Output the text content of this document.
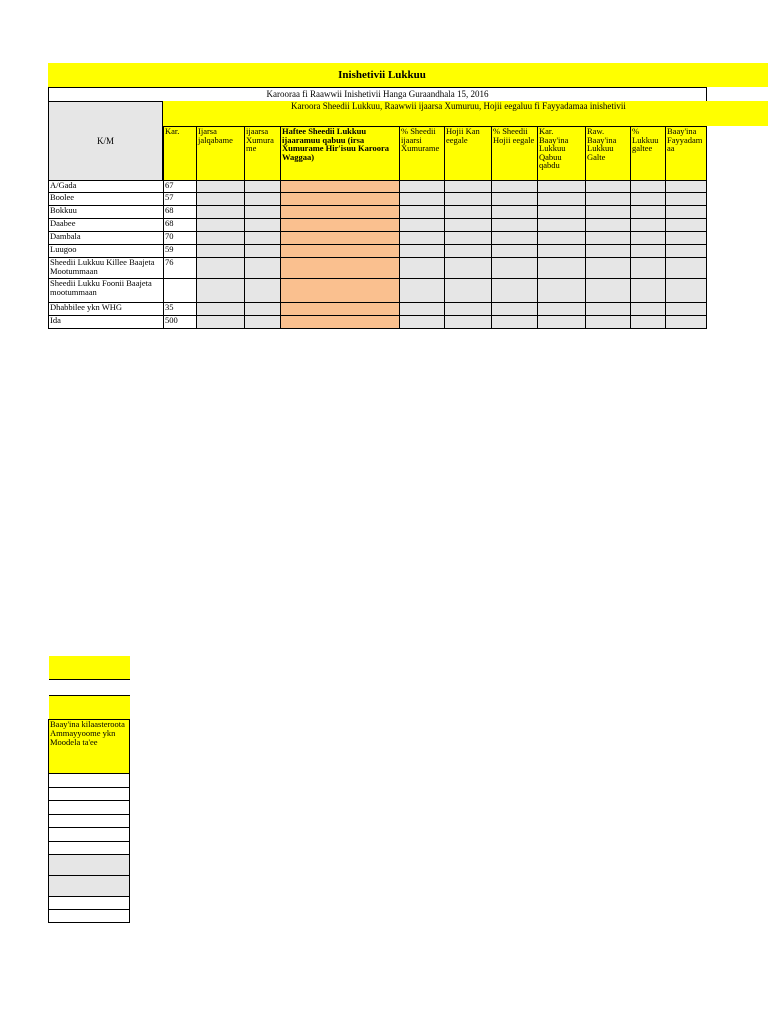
Inishetivii Lukkuu
Karooraa fi Raawwii Inishetivii Hanga Guraandhala 15, 2016
Karoora Sheedii Lukkuu, Raawwii ijaarsa Xumuruu, Hojii eegaluu fi Fayyadamaa inishetivii
K/M
	Kar.	Ijarsa jalqabame	ijaarsa Xumura me	Haftee Sheedii Lukkuu ijaaramuu qabuu (irsa Xumurame Hir'isuu Karoora Waggaa)	% Sheedii ijaarsi Xumurame	Hojii Kan eegale	% Sheedii Hojii eegale	Kar. Baay'ina Lukkuu Qabuu qabdu	Raw. Baay'ina Lukkuu Galte	% Lukkuu galtee	Baay'ina Fayyadam aa
A/Gada	67										
Boolee	57										
Bokkuu	68										
Daabee	68										
Dambala	70										
Luugoo	59										
Sheedii Lukkuu Killee Baajeta Mootummaan	76										
Sheedii Lukku Foonii Baajeta mootummaan											
Dhabbilee ykn WHG	35										
Ida	500										

Baay'ina kilaasteroota Ammayyoome ykn Moodela ta'ee
